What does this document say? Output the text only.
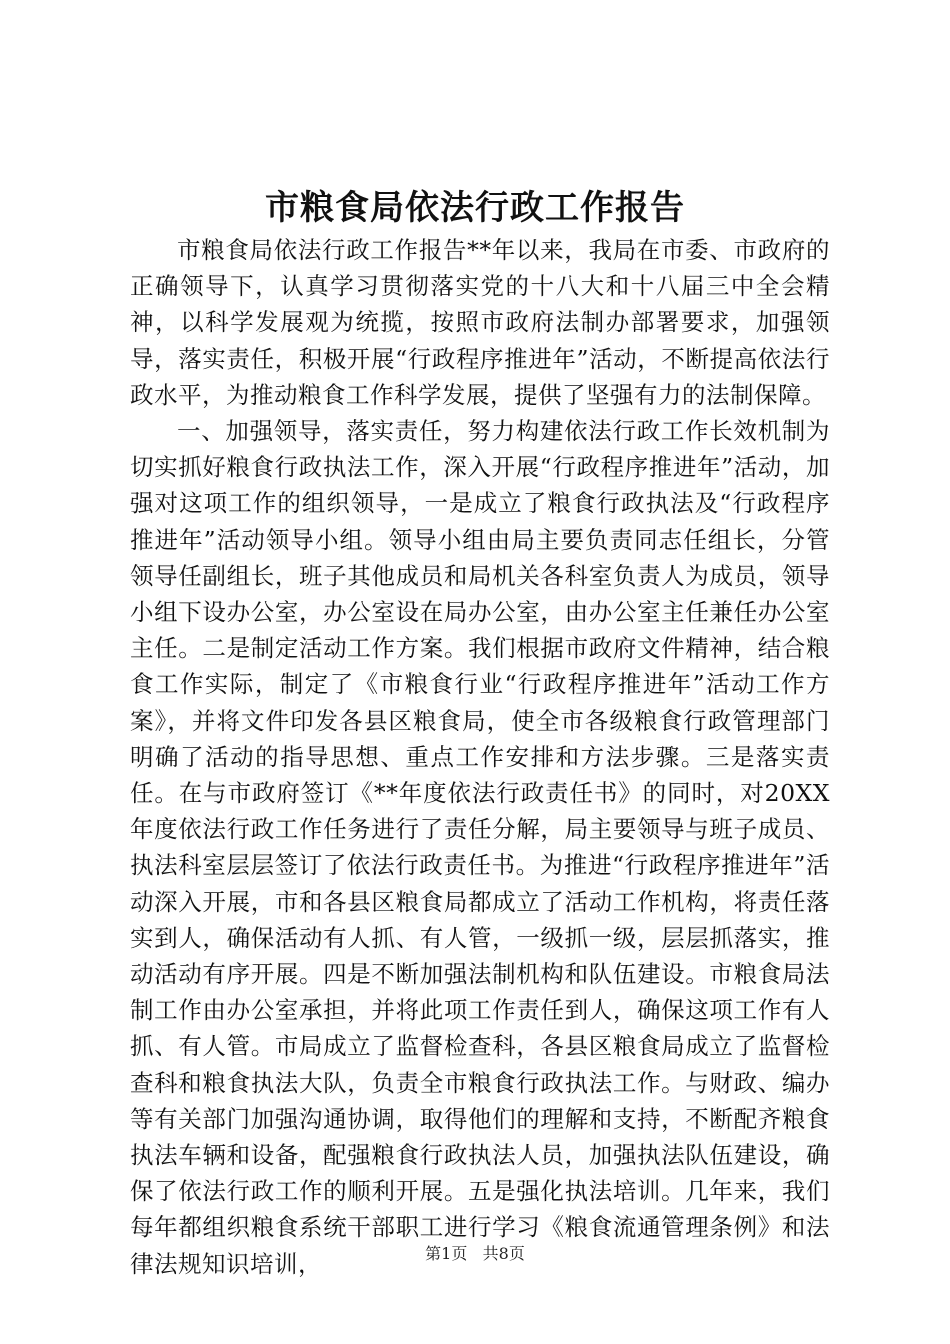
市粮食局依法行政工作报告

市粮食局依法行政工作报告**年以来，我局在市委、市政府的正确领导下，认真学习贯彻落实党的十八大和十八届三中全会精神，以科学发展观为统揽，按照市政府法制办部署要求，加强领导，落实责任，积极开展“行政程序推进年”活动，不断提高依法行政水平，为推动粮食工作科学发展，提供了坚强有力的法制保障。

一、加强领导，落实责任，努力构建依法行政工作长效机制为切实抓好粮食行政执法工作，深入开展“行政程序推进年”活动，加强对这项工作的组织领导，一是成立了粮食行政执法及“行政程序推进年”活动领导小组。领导小组由局主要负责同志任组长，分管领导任副组长，班子其他成员和局机关各科室负责人为成员，领导小组下设办公室，办公室设在局办公室，由办公室主任兼任办公室主任。二是制定活动工作方案。我们根据市政府文件精神，结合粮食工作实际，制定了《市粮食行业“行政程序推进年”活动工作方案》，并将文件印发各县区粮食局，使全市各级粮食行政管理部门明确了活动的指导思想、重点工作安排和方法步骤。三是落实责任。在与市政府签订《**年度依法行政责任书》的同时，对20XX年度依法行政工作任务进行了责任分解，局主要领导与班子成员、执法科室层层签订了依法行政责任书。为推进“行政程序推进年”活动深入开展，市和各县区粮食局都成立了活动工作机构，将责任落实到人，确保活动有人抓、有人管，一级抓一级，层层抓落实，推动活动有序开展。四是不断加强法制机构和队伍建设。市粮食局法制工作由办公室承担，并将此项工作责任到人，确保这项工作有人抓、有人管。市局成立了监督检查科，各县区粮食局成立了监督检查科和粮食执法大队，负责全市粮食行政执法工作。与财政、编办等有关部门加强沟通协调，取得他们的理解和支持，不断配齐粮食执法车辆和设备，配强粮食行政执法人员，加强执法队伍建设，确保了依法行政工作的顺利开展。五是强化执法培训。几年来，我们每年都组织粮食系统干部职工进行学习《粮食流通管理条例》和法律法规知识培训，	第1页 共8页
